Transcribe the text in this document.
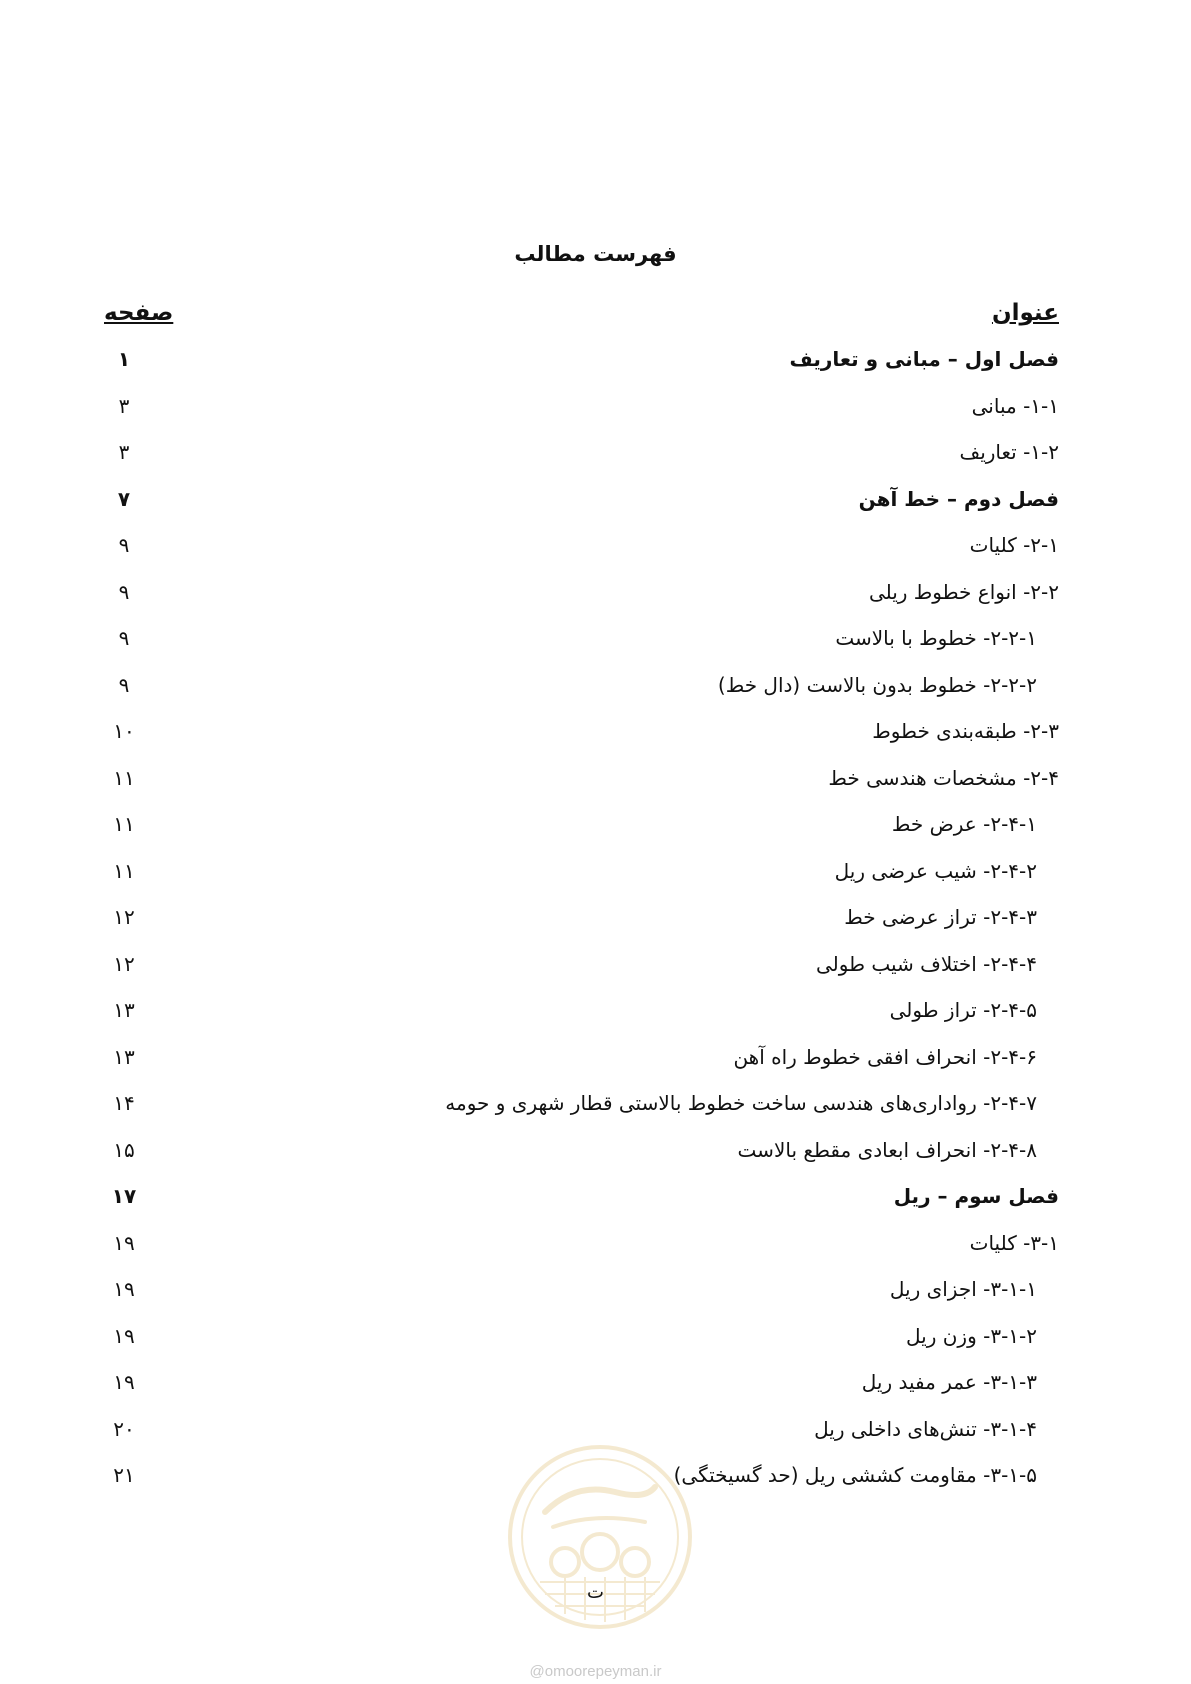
فهرست مطالب
عنوان
صفحه
فصل اول – مبانی و تعاریف
۱
۱-۱- مبانی
۳
۱-۲- تعاریف
۳
فصل دوم – خط آهن
۷
۲-۱- کلیات
۹
۲-۲- انواع خطوط ریلی
۹
۲-۲-۱- خطوط با بالاست
۹
۲-۲-۲- خطوط بدون بالاست (دال خط)
۹
۲-۳- طبقه‌بندی خطوط
۱۰
۲-۴- مشخصات هندسی خط
۱۱
۲-۴-۱- عرض خط
۱۱
۲-۴-۲- شیب عرضی ریل
۱۱
۲-۴-۳- تراز عرضی خط
۱۲
۲-۴-۴- اختلاف شیب طولی
۱۲
۲-۴-۵- تراز طولی
۱۳
۲-۴-۶- انحراف افقی خطوط راه آهن
۱۳
۲-۴-۷- رواداری‌های هندسی ساخت خطوط بالاستی قطار شهری و حومه
۱۴
۲-۴-۸- انحراف ابعادی مقطع بالاست
۱۵
فصل سوم – ریل
۱۷
۳-۱- کلیات
۱۹
۳-۱-۱- اجزای ریل
۱۹
۳-۱-۲- وزن ریل
۱۹
۳-۱-۳- عمر مفید ریل
۱۹
۳-۱-۴- تنش‌های داخلی ریل
۲۰
۳-۱-۵- مقاومت کششی ریل (حد گسیختگی)
۲۱
ت
@omoorepeyman.ir
